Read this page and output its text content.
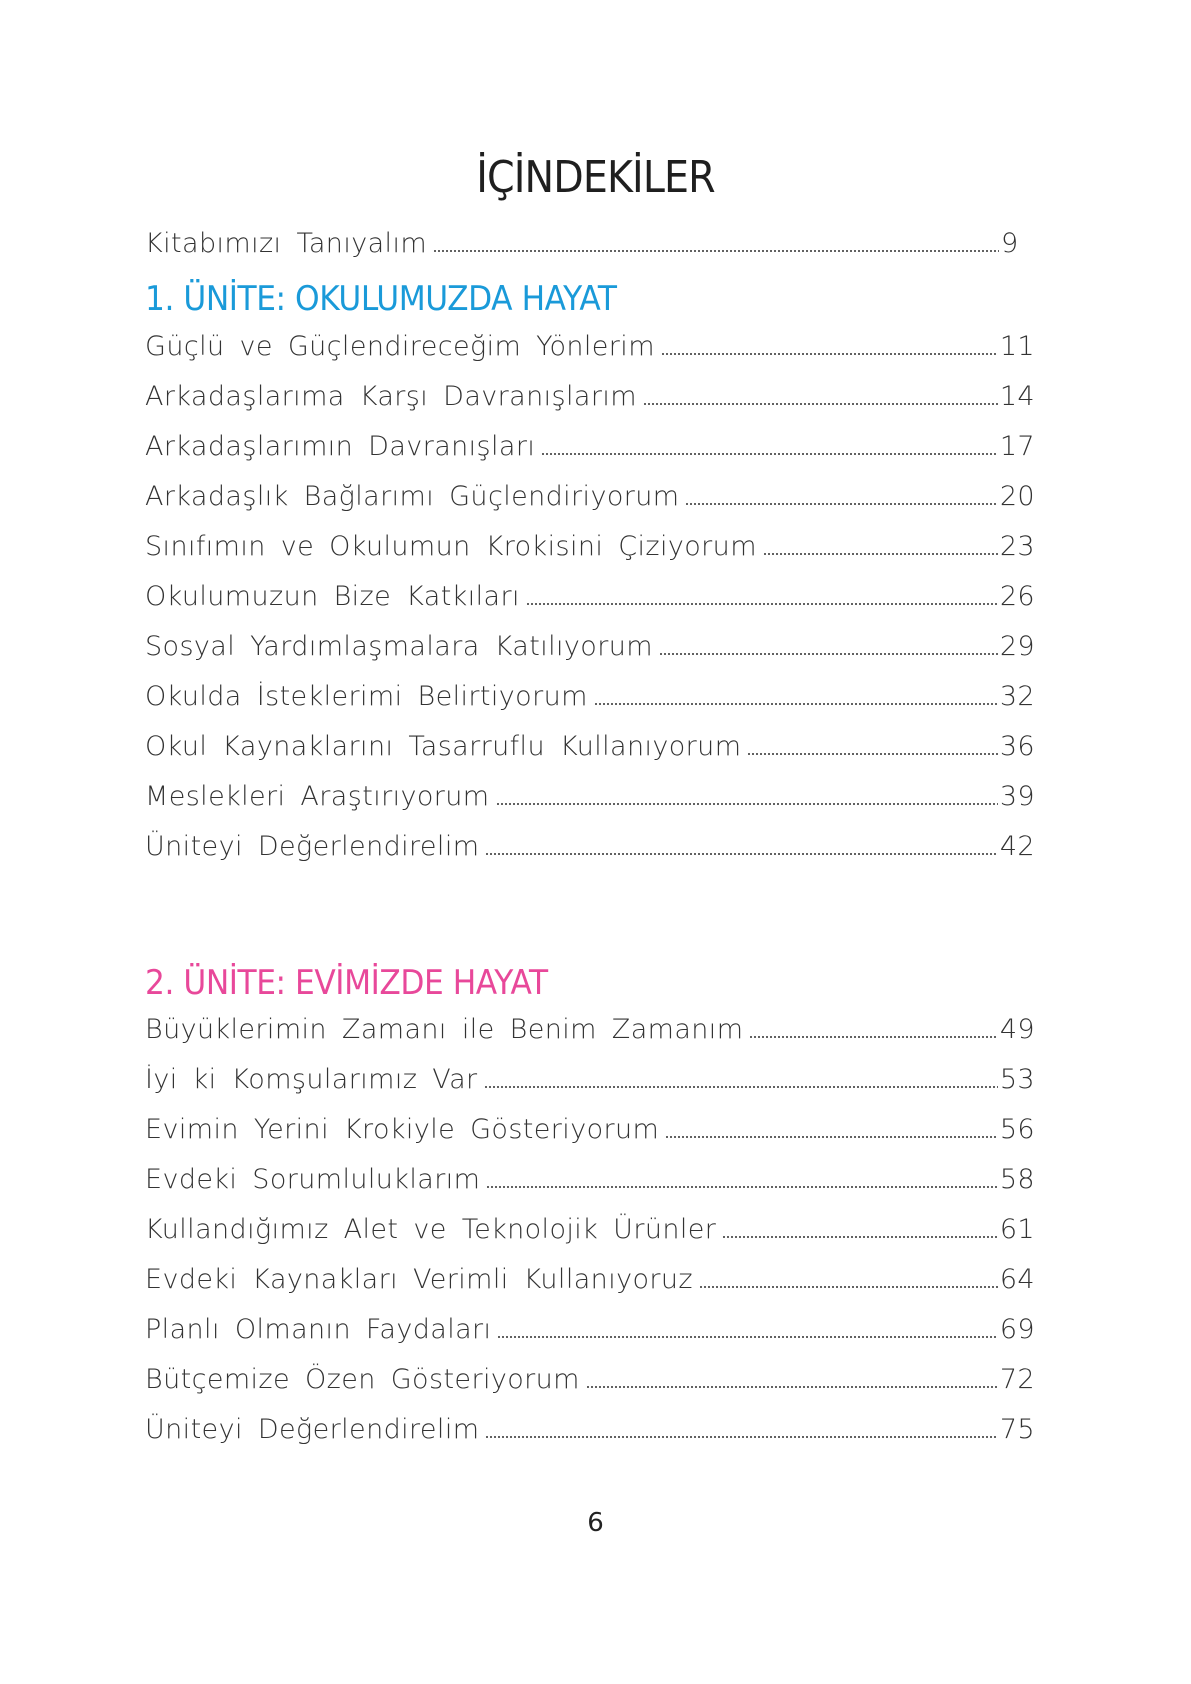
İÇİNDEKİLER
Kitabımızı Tanıyalım	9
1. ÜNİTE: OKULUMUZDA HAYAT
Güçlü ve Güçlendireceğim Yönlerim	11
Arkadaşlarıma Karşı Davranışlarım	14
Arkadaşlarımın Davranışları	17
Arkadaşlık Bağlarımı Güçlendiriyorum	20
Sınıfımın ve Okulumun Krokisini Çiziyorum	23
Okulumuzun Bize Katkıları	26
Sosyal Yardımlaşmalara Katılıyorum	29
Okulda İsteklerimi Belirtiyorum	32
Okul Kaynaklarını Tasarruflu Kullanıyorum	36
Meslekleri Araştırıyorum	39
Üniteyi Değerlendirelim	42
2. ÜNİTE: EVİMİZDE HAYAT
Büyüklerimin Zamanı ile Benim Zamanım	49
İyi ki Komşularımız Var	53
Evimin Yerini Krokiyle Gösteriyorum	56
Evdeki Sorumluluklarım	58
Kullandığımız Alet ve Teknolojik Ürünler	61
Evdeki Kaynakları Verimli Kullanıyoruz	64
Planlı Olmanın Faydaları	69
Bütçemize Özen Gösteriyorum	72
Üniteyi Değerlendirelim	75
6
